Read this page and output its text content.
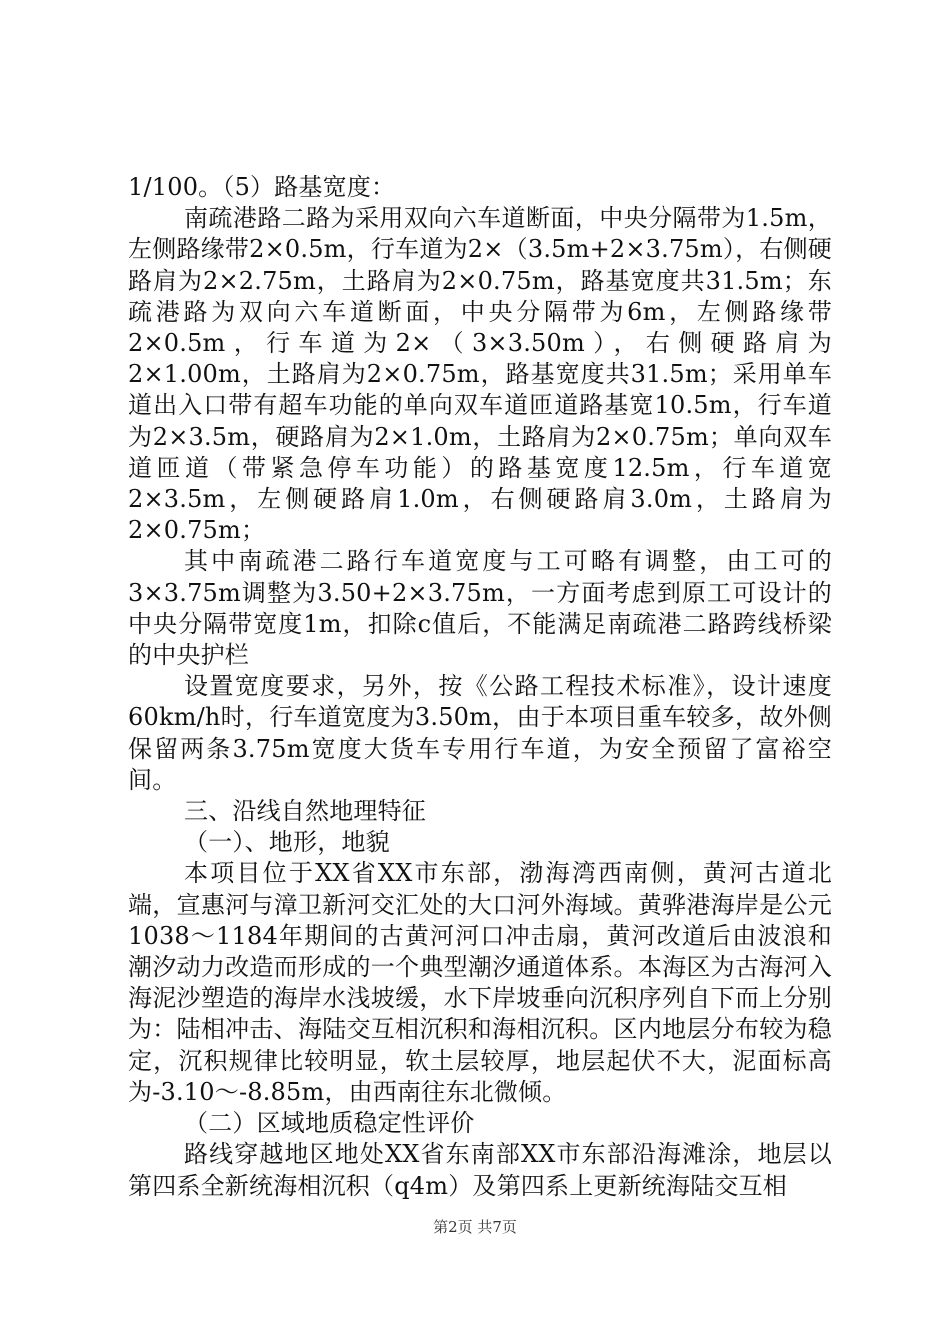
1/100。（5）路基宽度：

南疏港路二路为采用双向六车道断面，中央分隔带为1.5m，左侧路缘带2×0.5m，行车道为2×（3.5m+2×3.75m），右侧硬路肩为2×2.75m，土路肩为2×0.75m，路基宽度共31.5m；东疏港路为双向六车道断面，中央分隔带为6m，左侧路缘带2×0.5m，行车道为2×（3×3.50m），右侧硬路肩为2×1.00m，土路肩为2×0.75m，路基宽度共31.5m；采用单车道出入口带有超车功能的单向双车道匝道路基宽10.5m，行车道为2×3.5m，硬路肩为2×1.0m，土路肩为2×0.75m；单向双车道匝道（带紧急停车功能）的路基宽度12.5m，行车道宽2×3.5m，左侧硬路肩1.0m，右侧硬路肩3.0m，土路肩为2×0.75m；

其中南疏港二路行车道宽度与工可略有调整，由工可的3×3.75m调整为3.50+2×3.75m，一方面考虑到原工可设计的中央分隔带宽度1m，扣除c值后，不能满足南疏港二路跨线桥梁的中央护栏

设置宽度要求，另外，按《公路工程技术标准》，设计速度60km/h时，行车道宽度为3.50m，由于本项目重车较多，故外侧保留两条3.75m宽度大货车专用行车道，为安全预留了富裕空间。

三、沿线自然地理特征

（一）、地形，地貌

本项目位于XX省XX市东部，渤海湾西南侧，黄河古道北端，宣惠河与漳卫新河交汇处的大口河外海域。黄骅港海岸是公元1038～1184年期间的古黄河河口冲击扇，黄河改道后由波浪和潮汐动力改造而形成的一个典型潮汐通道体系。本海区为古海河入海泥沙塑造的海岸水浅坡缓，水下岸坡垂向沉积序列自下而上分别为：陆相冲击、海陆交互相沉积和海相沉积。区内地层分布较为稳定，沉积规律比较明显，软土层较厚，地层起伏不大，泥面标高为-3.10～-8.85m，由西南往东北微倾。

（二）区域地质稳定性评价

路线穿越地区地处XX省东南部XX市东部沿海滩涂，地层以第四系全新统海相沉积（q4m）及第四系上更新统海陆交互相

第2页 共7页
